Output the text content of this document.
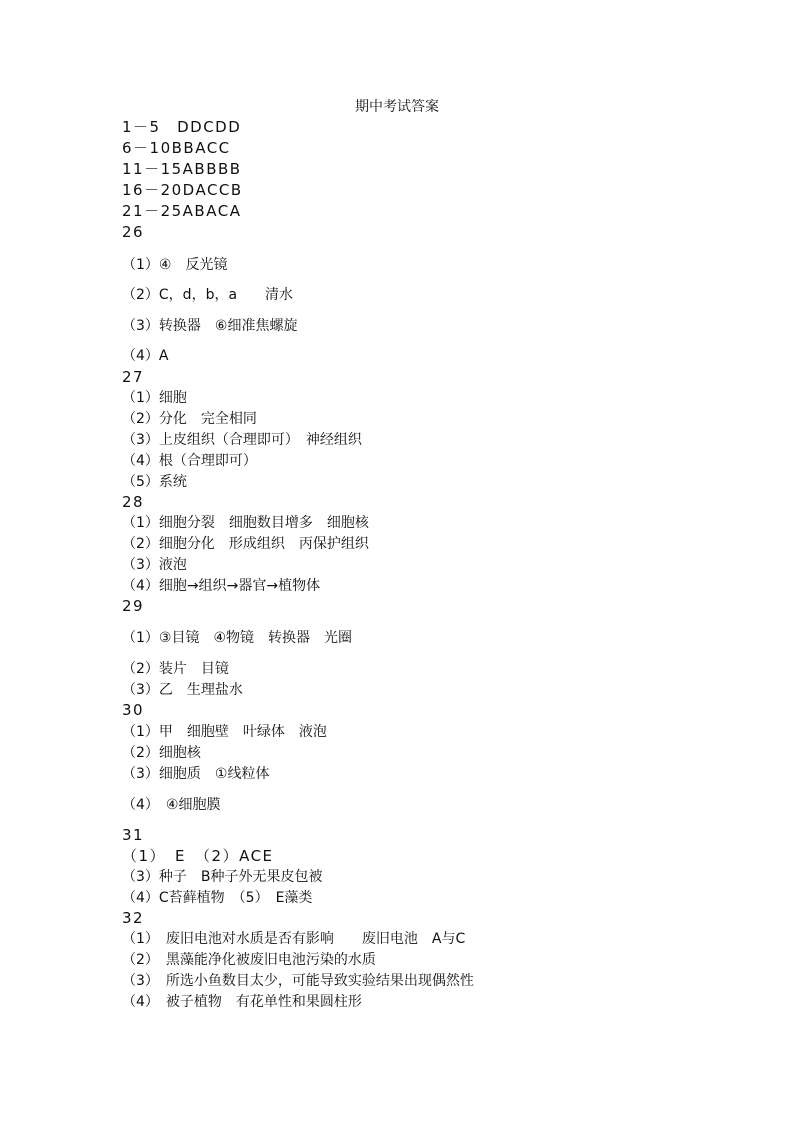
期中考试答案
1－5　DDCDD
6－10BBACC
11－15ABBBB
16－20DACCB
21－25ABACA
26
（1）④　反光镜
（2）C，d，b，a　　清水
（3）转换器　⑥细准焦螺旋
（4）A
27
（1）细胞
（2）分化　完全相同
（3）上皮组织（合理即可）　神经组织
（4）根（合理即可）
（5）系统
28
（1）细胞分裂　细胞数目增多　细胞核
（2）细胞分化　形成组织　丙保护组织
（3）液泡
（4）细胞→组织→器官→植物体
29
（1）③目镜　④物镜　转换器　光圈
（2）装片　目镜
（3）乙　生理盐水
30
（1）甲　细胞壁　叶绿体　液泡
（2）细胞核
（3）细胞质　①线粒体
（4）　④细胞膜
31
（1）　E　（2）ACE
（3）种子　B种子外无果皮包被
（4）C苔藓植物　（5）　E藻类
32
（1）　废旧电池对水质是否有影响　　废旧电池　A与C
（2）　黑藻能净化被废旧电池污染的水质
（3）　所选小鱼数目太少，可能导致实验结果出现偶然性
（4）　被子植物　有花单性和果圆柱形
